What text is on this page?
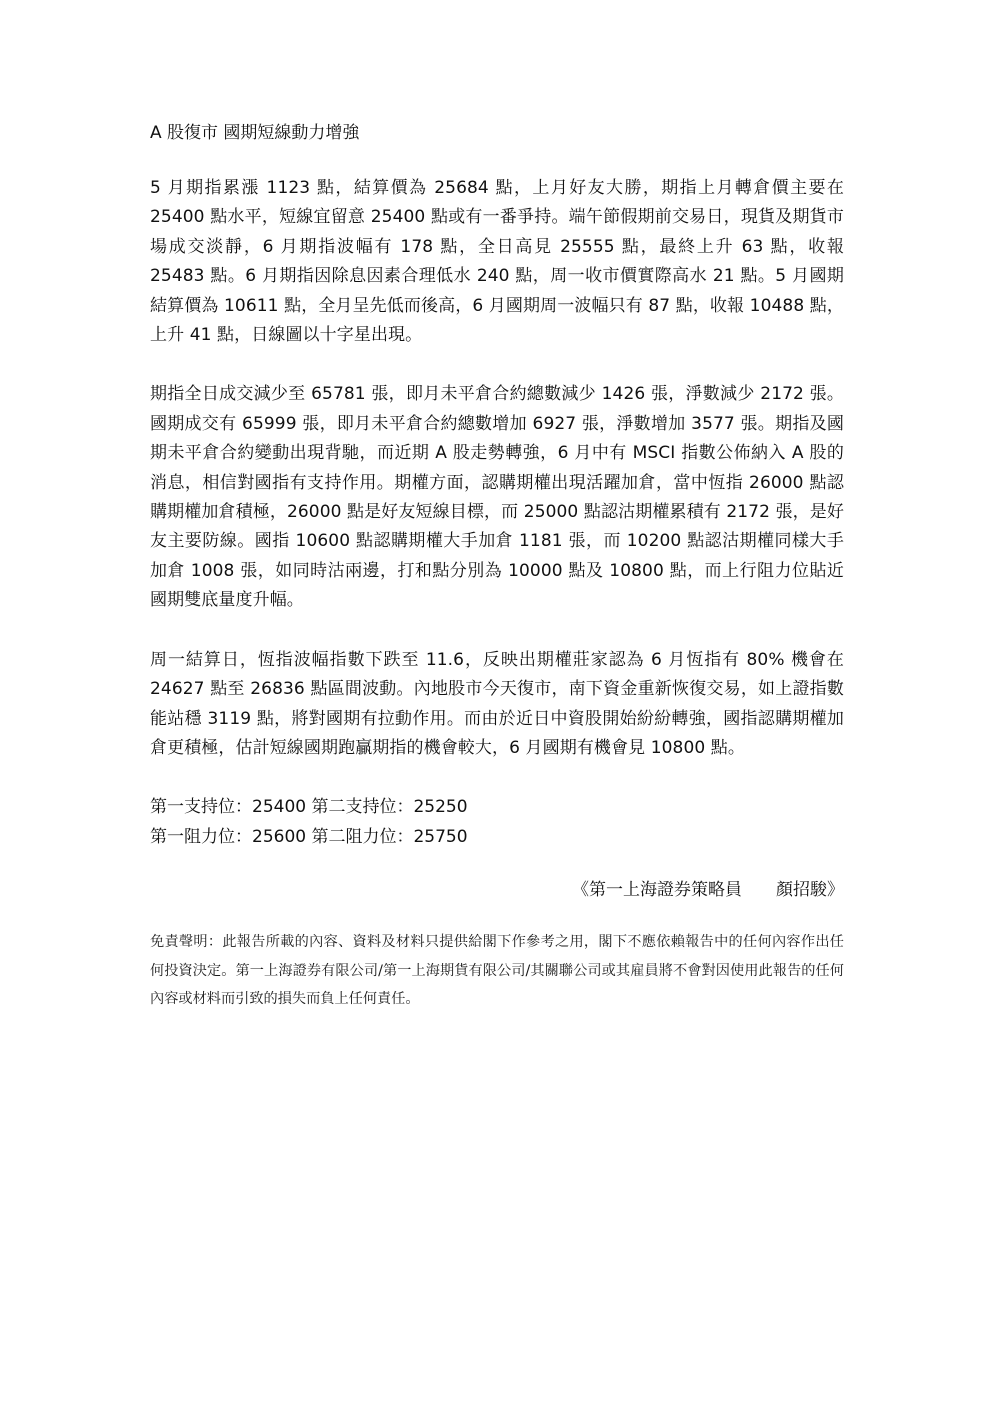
A 股復市 國期短線動力增強

5 月期指累漲 1123 點，結算價為 25684 點，上月好友大勝，期指上月轉倉價主要在 25400 點水平，短線宜留意 25400 點或有一番爭持。端午節假期前交易日，現貨及期貨市場成交淡靜，6 月期指波幅有 178 點，全日高見 25555 點，最終上升 63 點，收報 25483 點。6 月期指因除息因素合理低水 240 點，周一收市價實際高水 21 點。5 月國期結算價為 10611 點，全月呈先低而後高，6 月國期周一波幅只有 87 點，收報 10488 點，上升 41 點，日線圖以十字星出現。

期指全日成交減少至 65781 張，即月未平倉合約總數減少 1426 張，淨數減少 2172 張。國期成交有 65999 張，即月未平倉合約總數增加 6927 張，淨數增加 3577 張。期指及國期未平倉合約變動出現背馳，而近期 A 股走勢轉強，6 月中有 MSCI 指數公佈納入 A 股的消息，相信對國指有支持作用。期權方面，認購期權出現活躍加倉，當中恆指 26000 點認購期權加倉積極，26000 點是好友短線目標，而 25000 點認沽期權累積有 2172 張，是好友主要防線。國指 10600 點認購期權大手加倉 1181 張，而 10200 點認沽期權同樣大手加倉 1008 張，如同時沽兩邊，打和點分別為 10000 點及 10800 點，而上行阻力位貼近國期雙底量度升幅。

周一結算日，恆指波幅指數下跌至 11.6，反映出期權莊家認為 6 月恆指有 80% 機會在 24627 點至 26836 點區間波動。內地股市今天復市，南下資金重新恢復交易，如上證指數能站穩 3119 點，將對國期有拉動作用。而由於近日中資股開始紛紛轉強，國指認購期權加倉更積極，估計短線國期跑贏期指的機會較大，6 月國期有機會見 10800 點。

第一支持位：25400 第二支持位：25250
第一阻力位：25600 第二阻力位：25750
《第一上海證券策略員　　顏招駿》

免責聲明：此報告所載的內容、資料及材料只提供給閣下作參考之用，閣下不應依賴報告中的任何內容作出任何投資決定。第一上海證券有限公司/第一上海期貨有限公司/其關聯公司或其雇員將不會對因使用此報告的任何內容或材料而引致的損失而負上任何責任。
